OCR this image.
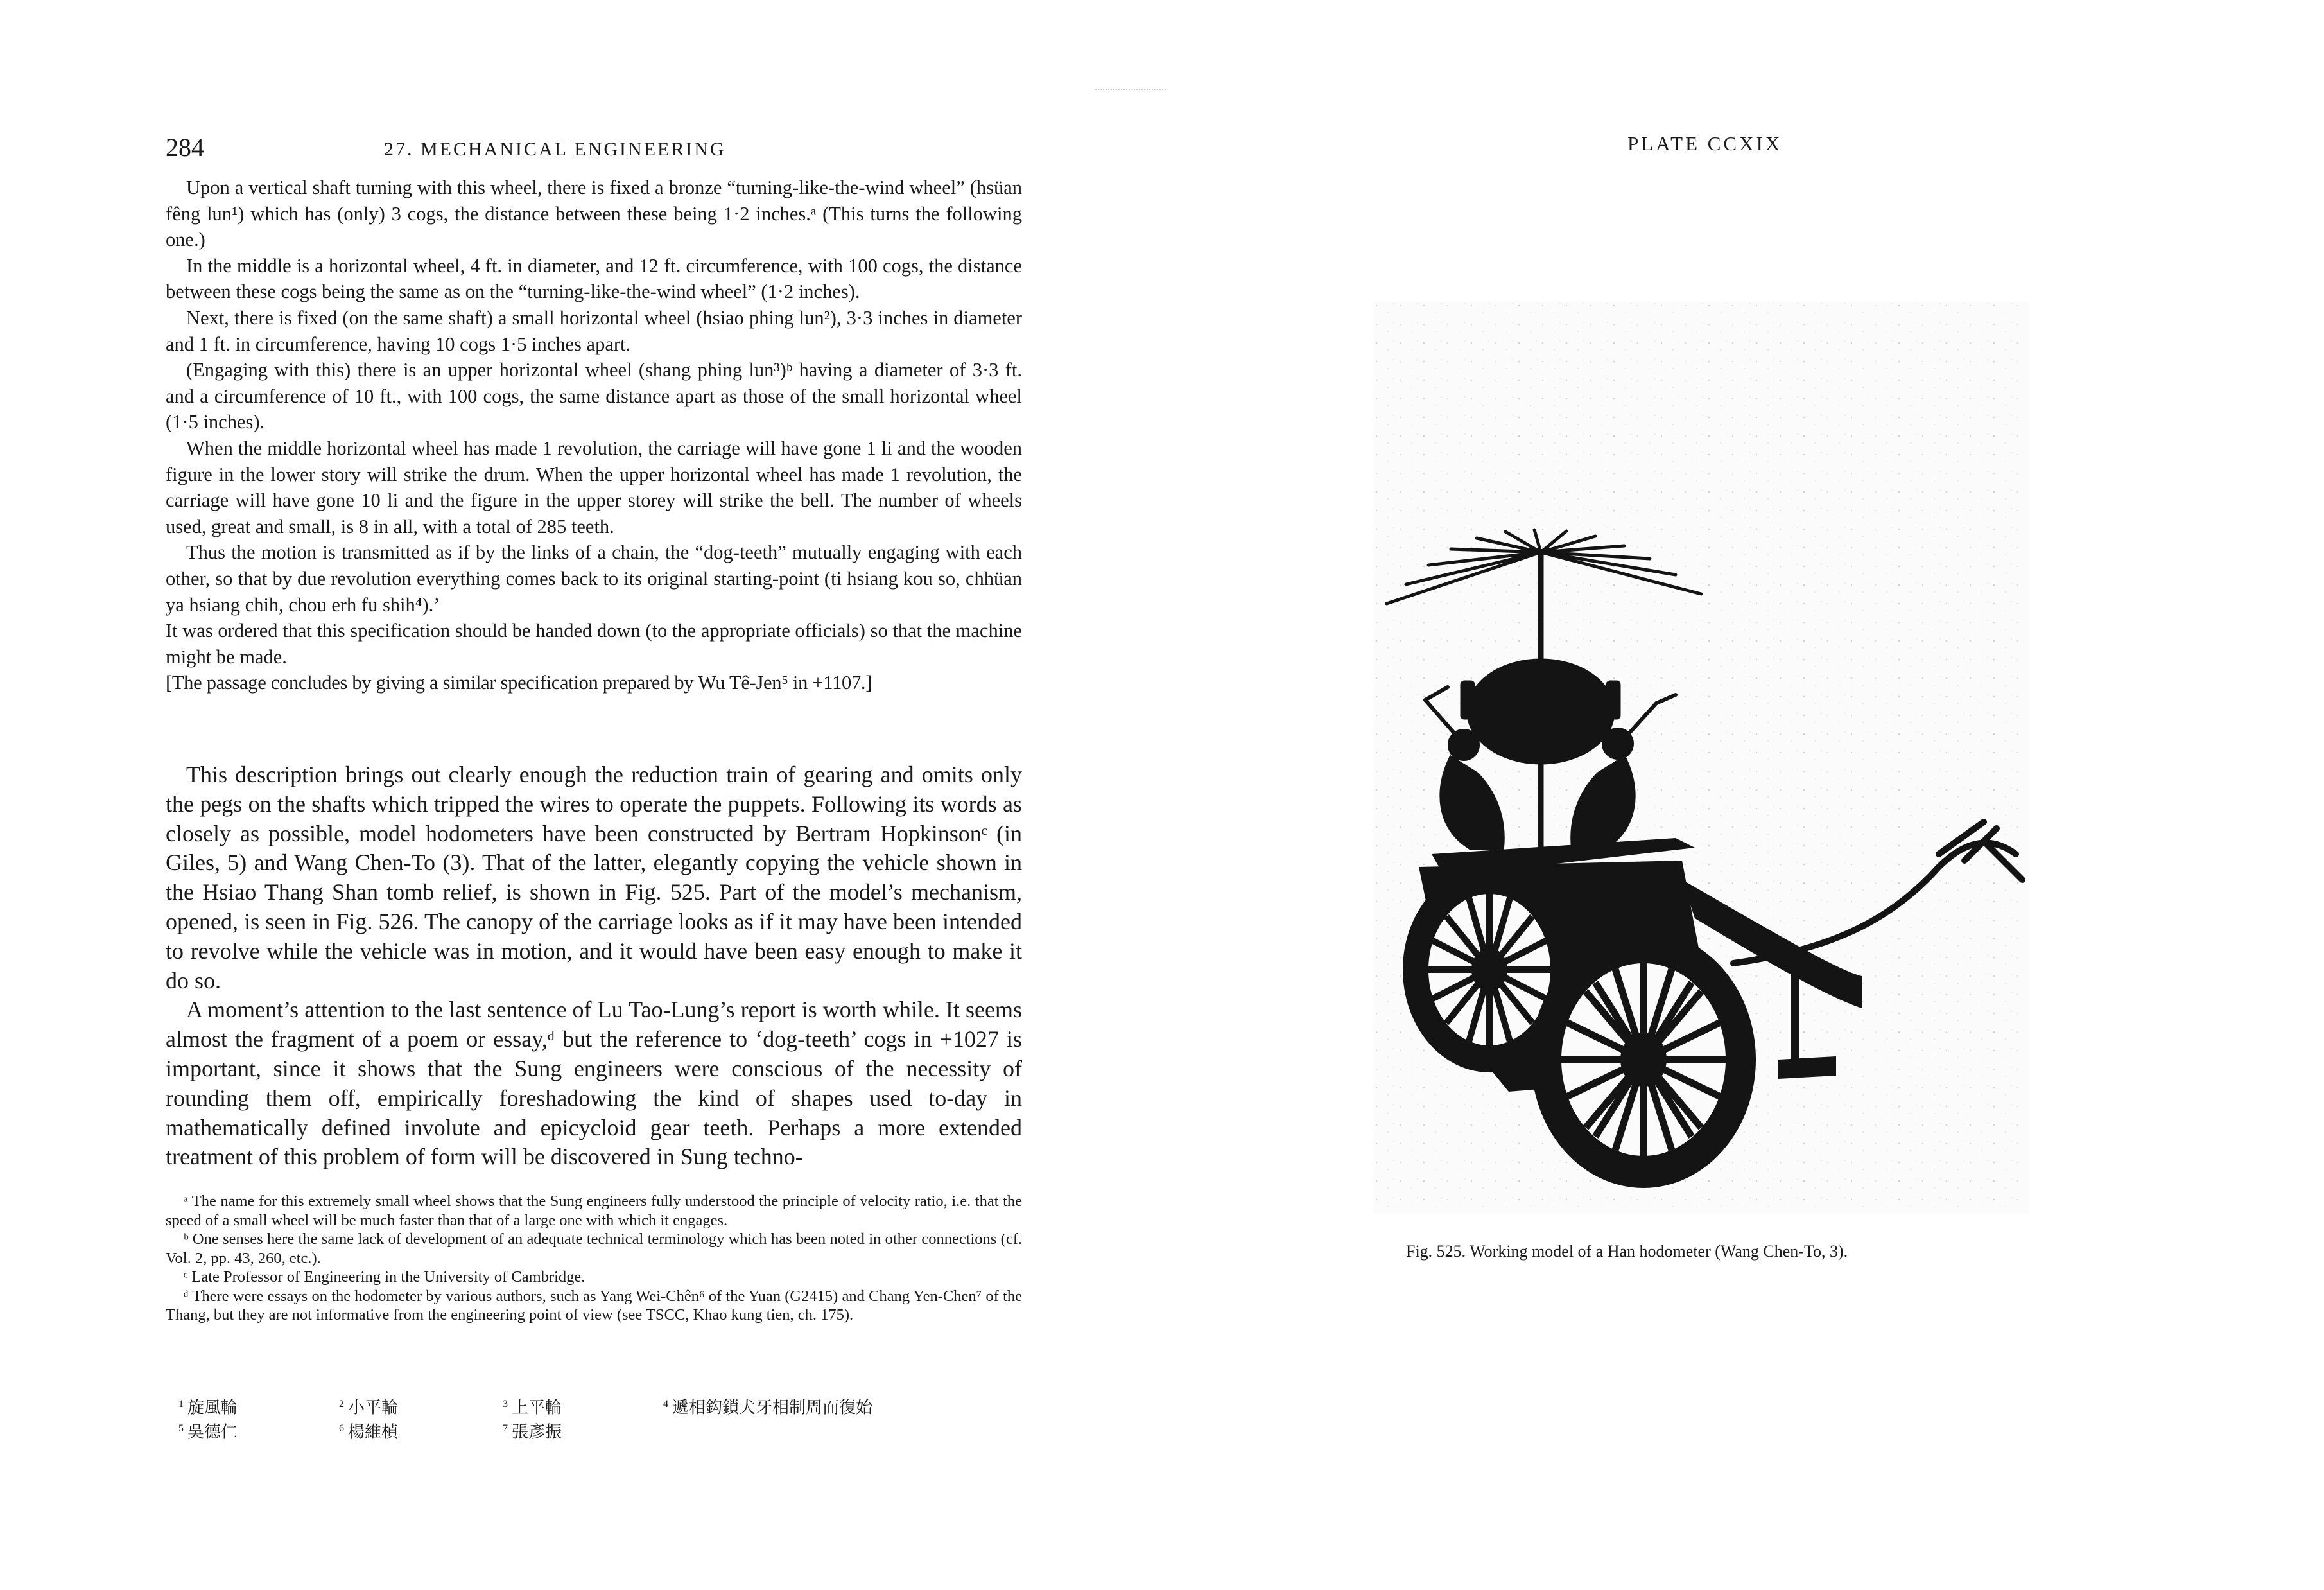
284	27. MECHANICAL ENGINEERING

Upon a vertical shaft turning with this wheel, there is fixed a bronze “turning-like-the-wind wheel” (hsüan fêng lun¹) which has (only) 3 cogs, the distance between these being 1·2 inches.ᵃ (This turns the following one.)

In the middle is a horizontal wheel, 4 ft. in diameter, and 12 ft. circumference, with 100 cogs, the distance between these cogs being the same as on the “turning-like-the-wind wheel” (1·2 inches).

Next, there is fixed (on the same shaft) a small horizontal wheel (hsiao phing lun²), 3·3 inches in diameter and 1 ft. in circumference, having 10 cogs 1·5 inches apart.

(Engaging with this) there is an upper horizontal wheel (shang phing lun³)ᵇ having a diameter of 3·3 ft. and a circumference of 10 ft., with 100 cogs, the same distance apart as those of the small horizontal wheel (1·5 inches).

When the middle horizontal wheel has made 1 revolution, the carriage will have gone 1 li and the wooden figure in the lower story will strike the drum. When the upper horizontal wheel has made 1 revolution, the carriage will have gone 10 li and the figure in the upper storey will strike the bell. The number of wheels used, great and small, is 8 in all, with a total of 285 teeth.

Thus the motion is transmitted as if by the links of a chain, the “dog-teeth” mutually engaging with each other, so that by due revolution everything comes back to its original starting-point (ti hsiang kou so, chhüan ya hsiang chih, chou erh fu shih⁴).’

It was ordered that this specification should be handed down (to the appropriate officials) so that the machine might be made.

[The passage concludes by giving a similar specification prepared by Wu Tê-Jen⁵ in +1107.]

This description brings out clearly enough the reduction train of gearing and omits only the pegs on the shafts which tripped the wires to operate the puppets. Following its words as closely as possible, model hodometers have been constructed by Bertram Hopkinsonᶜ (in Giles, 5) and Wang Chen-To (3). That of the latter, elegantly copying the vehicle shown in the Hsiao Thang Shan tomb relief, is shown in Fig. 525. Part of the model’s mechanism, opened, is seen in Fig. 526. The canopy of the carriage looks as if it may have been intended to revolve while the vehicle was in motion, and it would have been easy enough to make it do so.

A moment’s attention to the last sentence of Lu Tao-Lung’s report is worth while. It seems almost the fragment of a poem or essay,ᵈ but the reference to ‘dog-teeth’ cogs in +1027 is important, since it shows that the Sung engineers were conscious of the necessity of rounding them off, empirically foreshadowing the kind of shapes used to-day in mathematically defined involute and epicycloid gear teeth. Perhaps a more extended treatment of this problem of form will be discovered in Sung techno-

ᵃ The name for this extremely small wheel shows that the Sung engineers fully understood the principle of velocity ratio, i.e. that the speed of a small wheel will be much faster than that of a large one with which it engages.

ᵇ One senses here the same lack of development of an adequate technical terminology which has been noted in other connections (cf. Vol. 2, pp. 43, 260, etc.).

ᶜ Late Professor of Engineering in the University of Cambridge.

ᵈ There were essays on the hodometer by various authors, such as Yang Wei-Chên⁶ of the Yuan (G2415) and Chang Yen-Chen⁷ of the Thang, but they are not informative from the engineering point of view (see TSCC, Khao kung tien, ch. 175).

$^1$ 旋風輪	$^2$ 小平輪	$^3$ 上平輪	$^4$ 遞相鈎鎖犬牙相制周而復始
$^5$ 吳德仁	$^6$ 楊維楨	$^7$ 張彥振
PLATE CCXIX
Fig. 525. Working model of a Han hodometer (Wang Chen-To, 3).
